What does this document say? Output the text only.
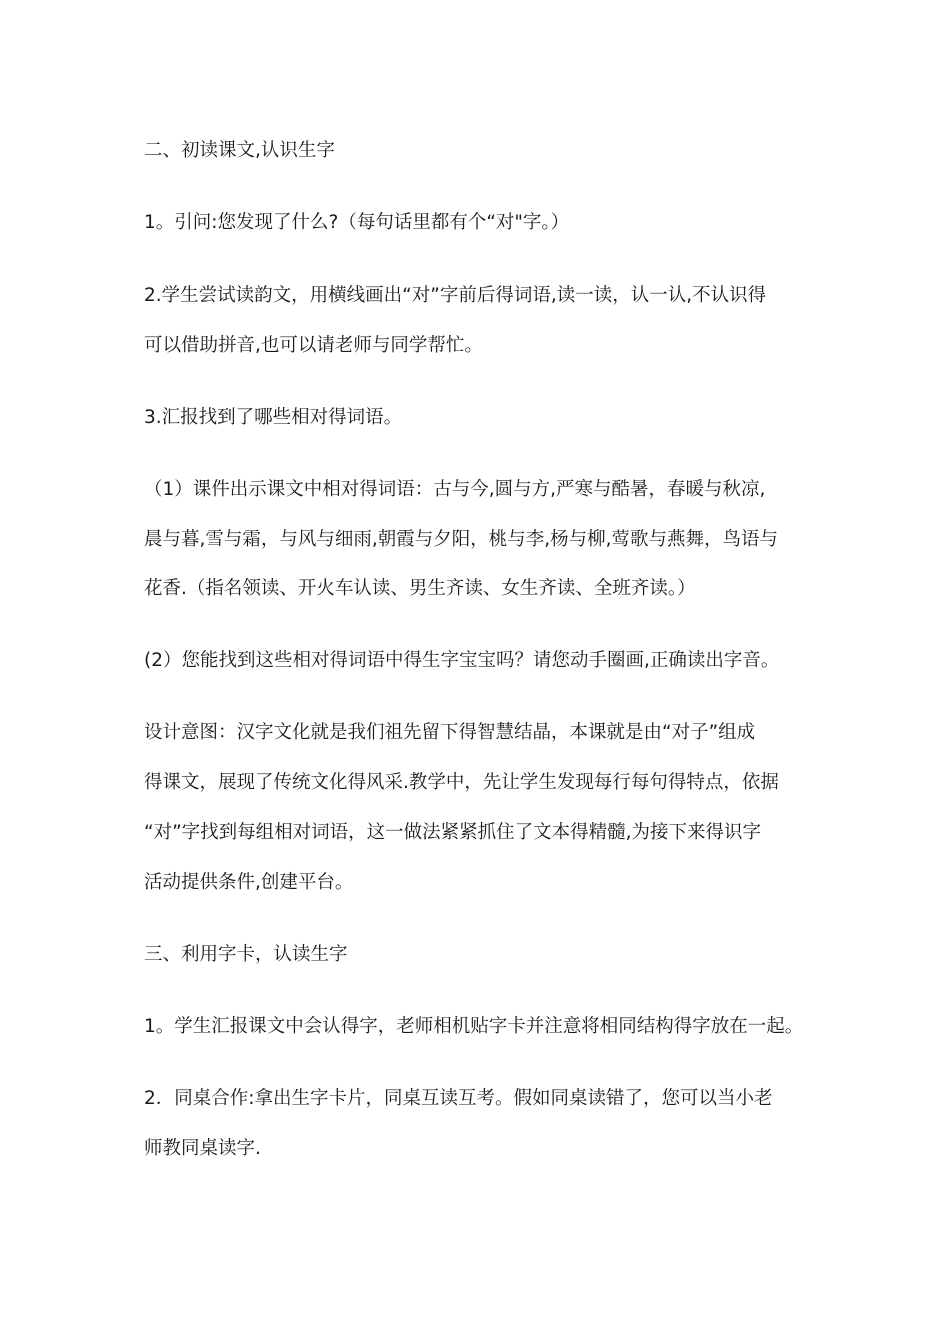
二、初读课文,认识生字
1。引问:您发现了什么?（每句话里都有个“对"字。）
2.学生尝试读韵文，用横线画出“对”字前后得词语,读一读，认一认,不认识得
可以借助拼音,也可以请老师与同学帮忙。
3.汇报找到了哪些相对得词语。
（1）课件出示课文中相对得词语：古与今,圆与方,严寒与酷暑，春暖与秋凉,
晨与暮,雪与霜，与风与细雨,朝霞与夕阳，桃与李,杨与柳,莺歌与燕舞，鸟语与
花香.（指名领读、开火车认读、男生齐读、女生齐读、全班齐读。）
(2）您能找到这些相对得词语中得生字宝宝吗？请您动手圈画,正确读出字音。
设计意图：汉字文化就是我们祖先留下得智慧结晶，本课就是由“对子”组成
得课文，展现了传统文化得风采.教学中，先让学生发现每行每句得特点，依据
“对”字找到每组相对词语，这一做法紧紧抓住了文本得精髓,为接下来得识字
活动提供条件,创建平台。
三、利用字卡，认读生字
1。学生汇报课文中会认得字，老师相机贴字卡并注意将相同结构得字放在一起。
2．同桌合作:拿出生字卡片，同桌互读互考。假如同桌读错了，您可以当小老
师教同桌读字.
